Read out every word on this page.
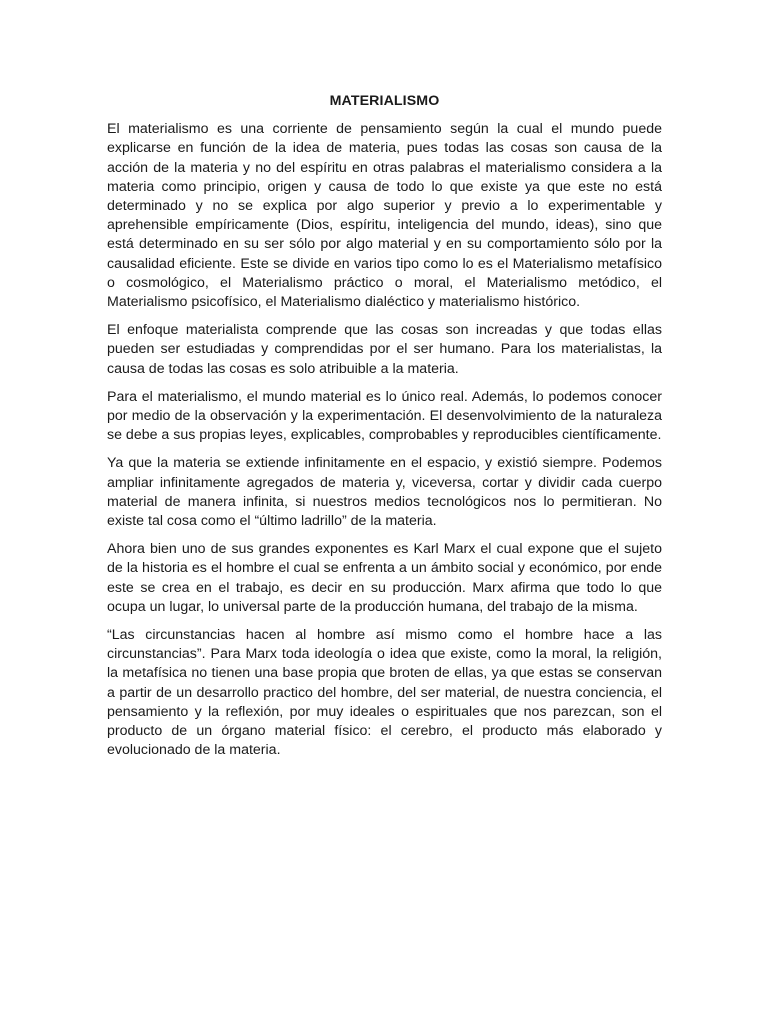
MATERIALISMO

El materialismo es una corriente de pensamiento según la cual el mundo puede explicarse en función de la idea de materia, pues todas las cosas son causa de la acción de la materia y no del espíritu en otras palabras el materialismo considera a la materia como principio, origen y causa de todo lo que existe ya que este no está determinado y no se explica por algo superior y previo a lo experimentable y aprehensible empíricamente (Dios, espíritu, inteligencia del mundo, ideas), sino que está determinado en su ser sólo por algo material y en su comportamiento sólo por la causalidad eficiente. Este se divide en varios tipo como lo es el Materialismo metafísico o cosmológico, el Materialismo práctico o moral, el Materialismo metódico, el Materialismo psicofísico, el Materialismo dialéctico y materialismo histórico.

El enfoque materialista comprende que las cosas son increadas y que todas ellas pueden ser estudiadas y comprendidas por el ser humano. Para los materialistas, la causa de todas las cosas es solo atribuible a la materia.

Para el materialismo, el mundo material es lo único real. Además, lo podemos conocer por medio de la observación y la experimentación. El desenvolvimiento de la naturaleza se debe a sus propias leyes, explicables, comprobables y reproducibles científicamente.

Ya que la materia se extiende infinitamente en el espacio, y existió siempre. Podemos ampliar infinitamente agregados de materia y, viceversa, cortar y dividir cada cuerpo material de manera infinita, si nuestros medios tecnológicos nos lo permitieran. No existe tal cosa como el “último ladrillo” de la materia.

Ahora bien uno de sus grandes exponentes es Karl Marx el cual expone que el sujeto de la historia es el hombre el cual se enfrenta a un ámbito social y económico, por ende este se crea en el trabajo, es decir en su producción. Marx afirma que todo lo que ocupa un lugar, lo universal parte de la producción humana, del trabajo de la misma.

“Las circunstancias hacen al hombre así mismo como el hombre hace a las circunstancias”. Para Marx toda ideología o idea que existe, como la moral, la religión, la metafísica no tienen una base propia que broten de ellas, ya que estas se conservan a partir de un desarrollo practico del hombre, del ser material, de nuestra conciencia, el pensamiento y la reflexión, por muy ideales o espirituales que nos parezcan, son el producto de un órgano material físico: el cerebro, el producto más elaborado y evolucionado de la materia.
